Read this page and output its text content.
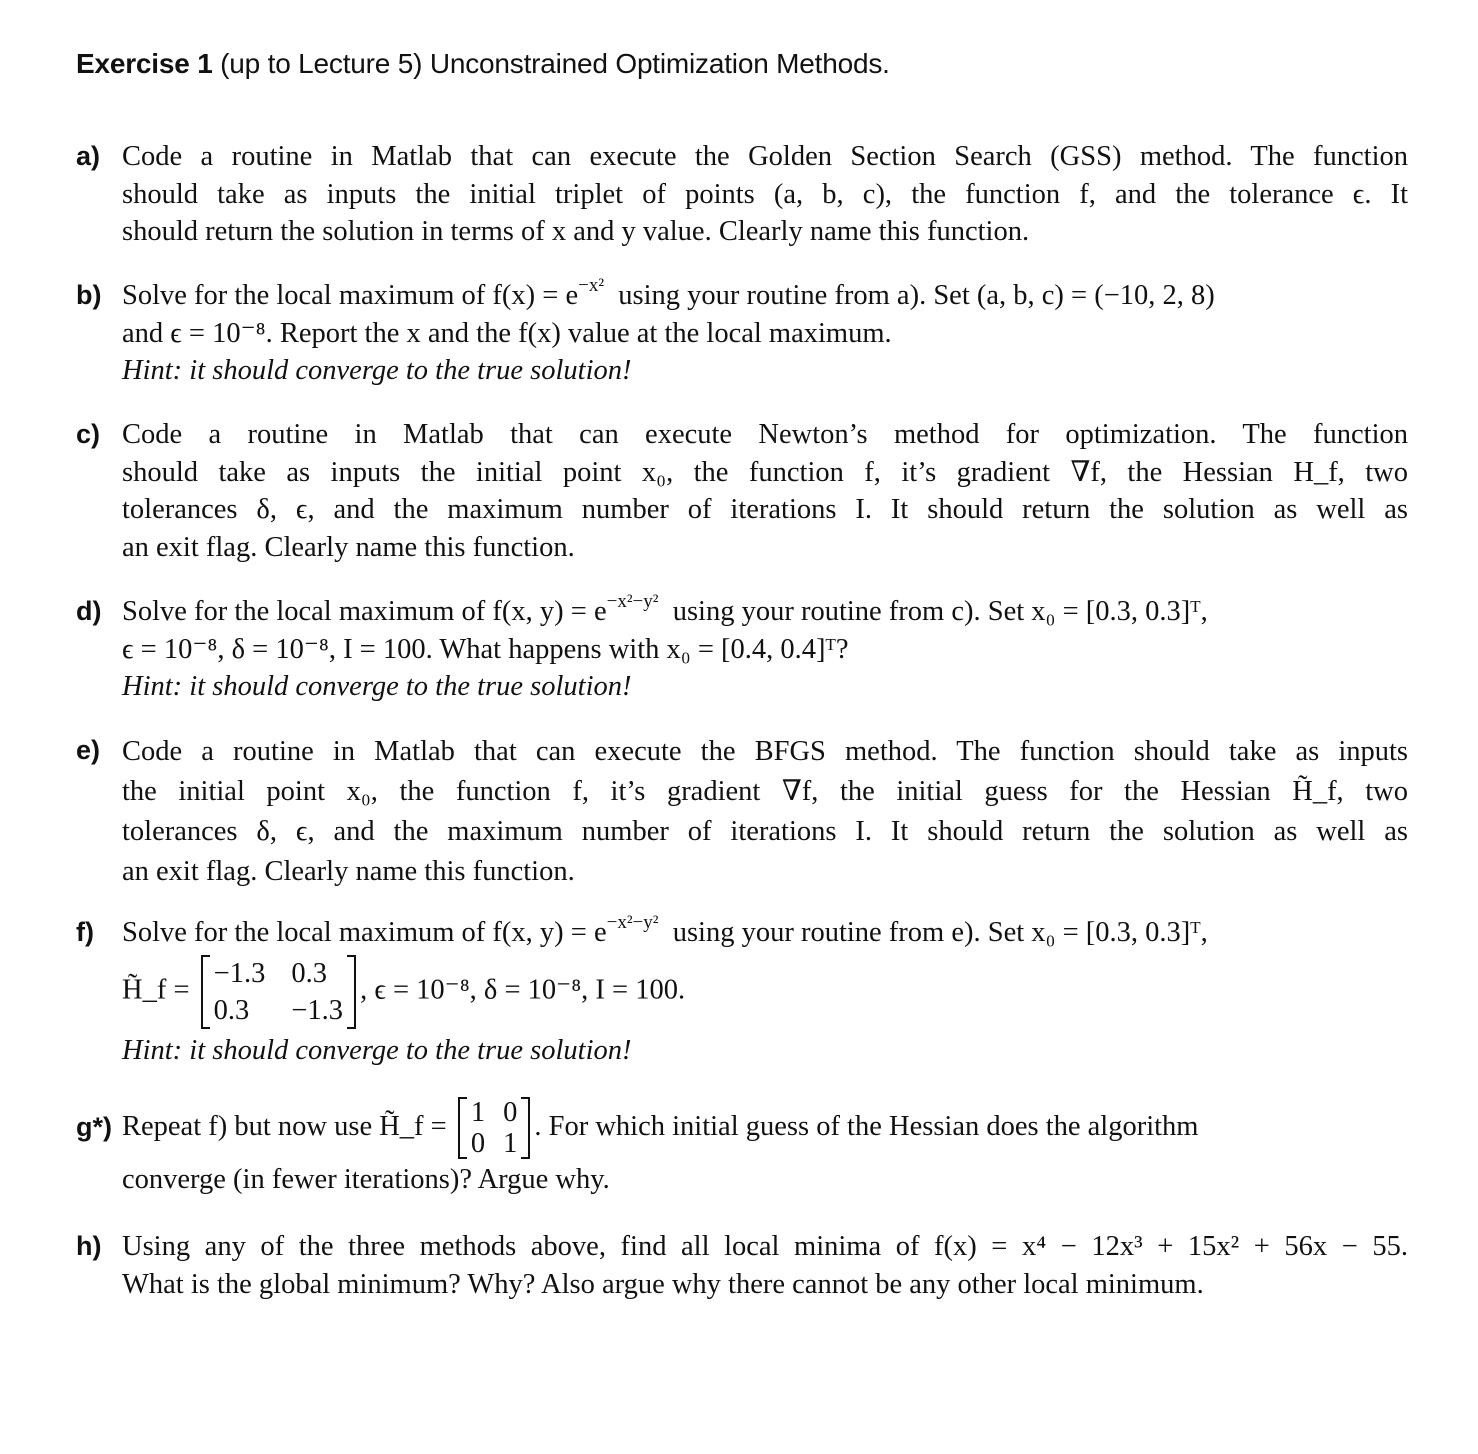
Exercise 1 (up to Lecture 5) Unconstrained Optimization Methods.
a) Code a routine in Matlab that can execute the Golden Section Search (GSS) method. The function
should take as inputs the initial triplet of points (a, b, c), the function f, and the tolerance ϵ. It
should return the solution in terms of x and y value. Clearly name this function.
b) Solve for the local maximum of $f(x) = e^{-x^2}$ using your routine from a). Set (a, b, c) = (−10, 2, 8)
and ϵ = 10⁻⁸. Report the x and the f(x) value at the local maximum.
Hint: it should converge to the true solution!
c) Code a routine in Matlab that can execute Newton’s method for optimization. The function
should take as inputs the initial point x₀, the function f, it’s gradient ∇f, the Hessian H_f, two
tolerances δ, ϵ, and the maximum number of iterations I. It should return the solution as well as
an exit flag. Clearly name this function.
d) Solve for the local maximum of f(x, $y) = e^{-x^2-y^2}$ using your routine from c). Set x₀ = [0.3, 0.3]ᵀ,
ϵ = 10⁻⁸, δ = 10⁻⁸, I = 100. What happens with x₀ = [0.4, 0.4]ᵀ?
Hint: it should converge to the true solution!
e) Code a routine in Matlab that can execute the BFGS method. The function should take as inputs
the initial point x₀, the function f, it’s gradient ∇f, the initial guess for the Hessian H̃_f, two
tolerances δ, ϵ, and the maximum number of iterations I. It should return the solution as well as
an exit flag. Clearly name this function.
f) Solve for the local maximum of f(x, $y) = e^{-x^2-y^2}$ using your routine from e). Set x₀ = [0.3, 0.3]ᵀ,
H̃_f =
−1.3 0.3
0.3	−1.3
, ϵ = 10⁻⁸, δ = 10⁻⁸, I = 100.
Hint: it should converge to the true solution!
g*) Repeat f) but now use H̃_f = 1 0
0 1
. For which initial guess of the Hessian does the algorithm
converge (in fewer iterations)? Argue why.
h) Using any of the three methods above, find all local minima of f(x) = x⁴ − 12x³ + 15x² + 56x − 55.
What is the global minimum? Why? Also argue why there cannot be any other local minimum.
